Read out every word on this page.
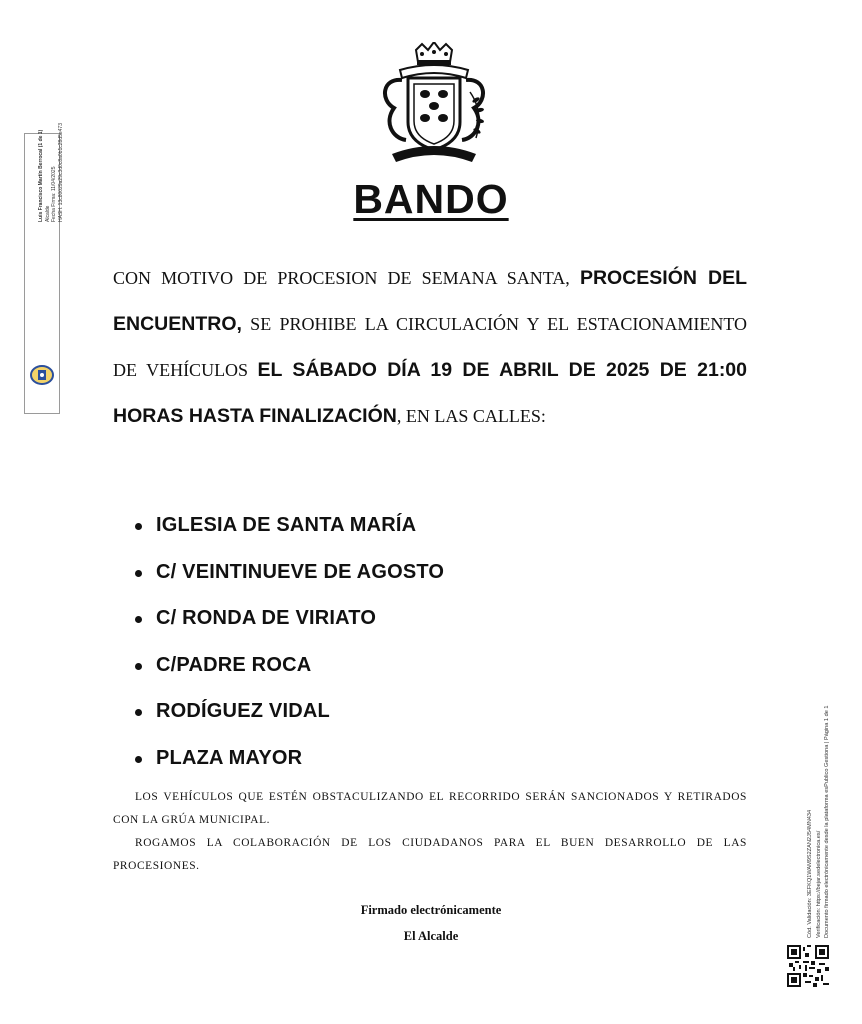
BANDO
CON MOTIVO DE PROCESION DE SEMANA SANTA, PROCESIÓN DEL ENCUENTRO, SE PROHIBE LA CIRCULACIÓN Y EL ESTACIONAMIENTO DE VEHÍCULOS EL SÁBADO DÍA 19 DE ABRIL DE 2025 DE 21:00 HORAS HASTA FINALIZACIÓN, EN LAS CALLES:
IGLESIA DE SANTA MARÍA
C/ VEINTINUEVE DE AGOSTO
C/ RONDA DE VIRIATO
C/PADRE ROCA
RODÍGUEZ VIDAL
PLAZA MAYOR

LOS VEHÍCULOS QUE ESTÉN OBSTACULIZANDO EL RECORRIDO SERÁN SANCIONADOS Y RETIRADOS CON LA GRÚA MUNICIPAL.

ROGAMOS LA COLABORACIÓN DE LOS CIUDADANOS PARA EL BUEN DESARROLLO DE LAS PROCESIONES.

Firmado electrónicamente
El Alcalde
Luis Francisco Martín Berrocal (1 de 1) Alcalde Fecha Firma: 11/04/2025 HASH: 13c80029a29c3d0c8a0b1c28d5e473
Cód. Validación: 3EFKQ1WAM9S2ZAN2J54MN434 Verificación: https://bejar.sedelectronica.es/ Documento firmado electrónicamente desde la plataforma esPublico Gestiona | Página 1 de 1
